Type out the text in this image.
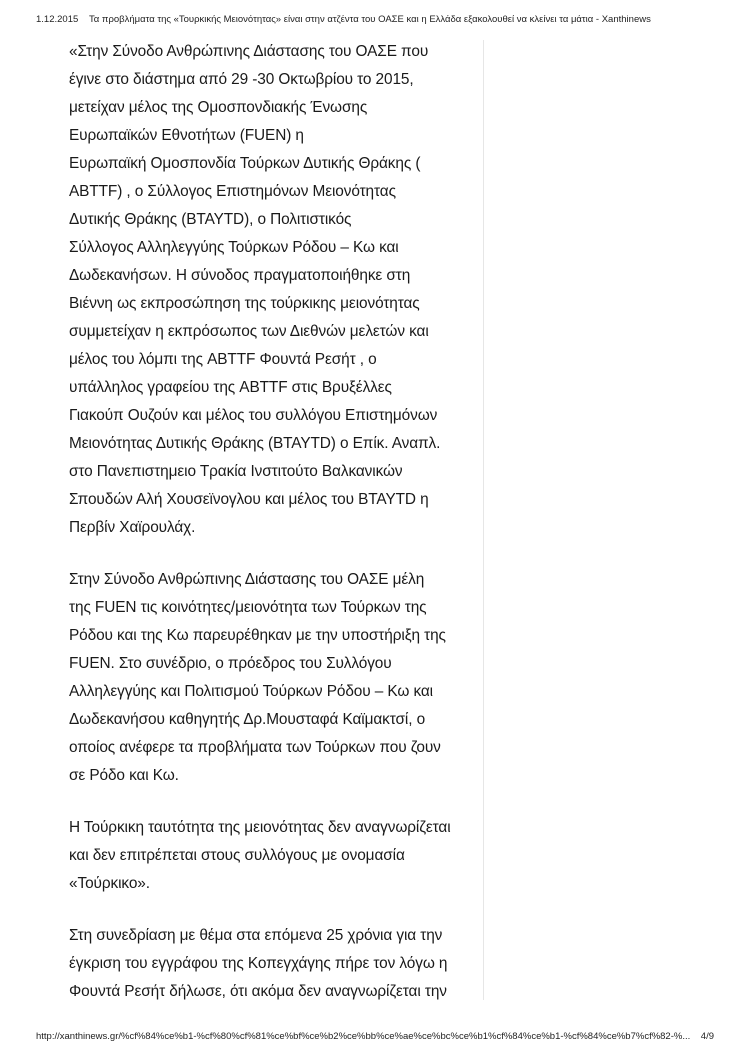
1.12.2015 Τα προβλήματα της «Τουρκικής Μειονότητας» είναι στην ατζέντα του ΟΑΣΕ και η Ελλάδα εξακολουθεί να κλείνει τα μάτια - Xanthinews

«Στην Σύνοδο Ανθρώπινης Διάστασης του ΟΑΣΕ που
έγινε στο διάστημα από 29 -30 Οκτωβρίου το 2015,
μετείχαν μέλος της Ομοσπονδιακής Ένωσης
Ευρωπαϊκών Εθνοτήτων (FUEN) η
Ευρωπαϊκή Ομοσπονδία Τούρκων Δυτικής Θράκης (
ABTTF) , ο Σύλλογος Επιστημόνων Μειονότητας
Δυτικής Θράκης (BTAYTD), ο Πολιτιστικός
Σύλλογος Αλληλεγγύης Τούρκων Ρόδου – Κω και
Δωδεκανήσων. Η σύνοδος πραγματοποιήθηκε στη
Βιέννη ως εκπροσώπηση της τούρκικης μειονότητας
συμμετείχαν η εκπρόσωπος των Διεθνών μελετών και
μέλος του λόμπι της ABTTF Φουντά Ρεσήτ , ο
υπάλληλος γραφείου της ABTTF στις Βρυξέλλες
Γιακούπ Ουζούν και μέλος του συλλόγου Επιστημόνων
Μειονότητας Δυτικής Θράκης (BTAYTD) ο Επίκ. Αναπλ.
στο Πανεπιστημειο Τρακία Ινστιτούτο Βαλκανικών
Σπουδών Αλή Χουσεϊνογλου και μέλος του BTAYTD η
Περβίν Χαϊρουλάχ.

Στην Σύνοδο Ανθρώπινης Διάστασης του ΟΑΣΕ μέλη
της FUEN τις κοινότητες/μειονότητα των Τούρκων της
Ρόδου και της Κω παρευρέθηκαν με την υποστήριξη της
FUEN. Στο συνέδριο, ο πρόεδρος του Συλλόγου
Αλληλεγγύης και Πολιτισμού Τούρκων Ρόδου – Κω και
Δωδεκανήσου καθηγητής Δρ.Μουσταφά Καϊμακτσί, ο
οποίος ανέφερε τα προβλήματα των Τούρκων που ζουν
σε Ρόδο και Κω.

Η Τούρκικη ταυτότητα της μειονότητας δεν αναγνωρίζεται
και δεν επιτρέπεται στους συλλόγους με ονομασία
«Τούρκικο».

Στη συνεδρίαση με θέμα στα επόμενα 25 χρόνια για την
έγκριση του εγγράφου της Κοπεγχάγης πήρε τον λόγω η
Φουντά Ρεσήτ δήλωσε, ότι ακόμα δεν αναγνωρίζεται την

http://xanthinews.gr/%cf%84%ce%b1-%cf%80%cf%81%ce%bf%ce%b2%ce%bb%ce%ae%ce%bc%ce%b1%cf%84%ce%b1-%cf%84%ce%b7%cf%82-%... 4/9
